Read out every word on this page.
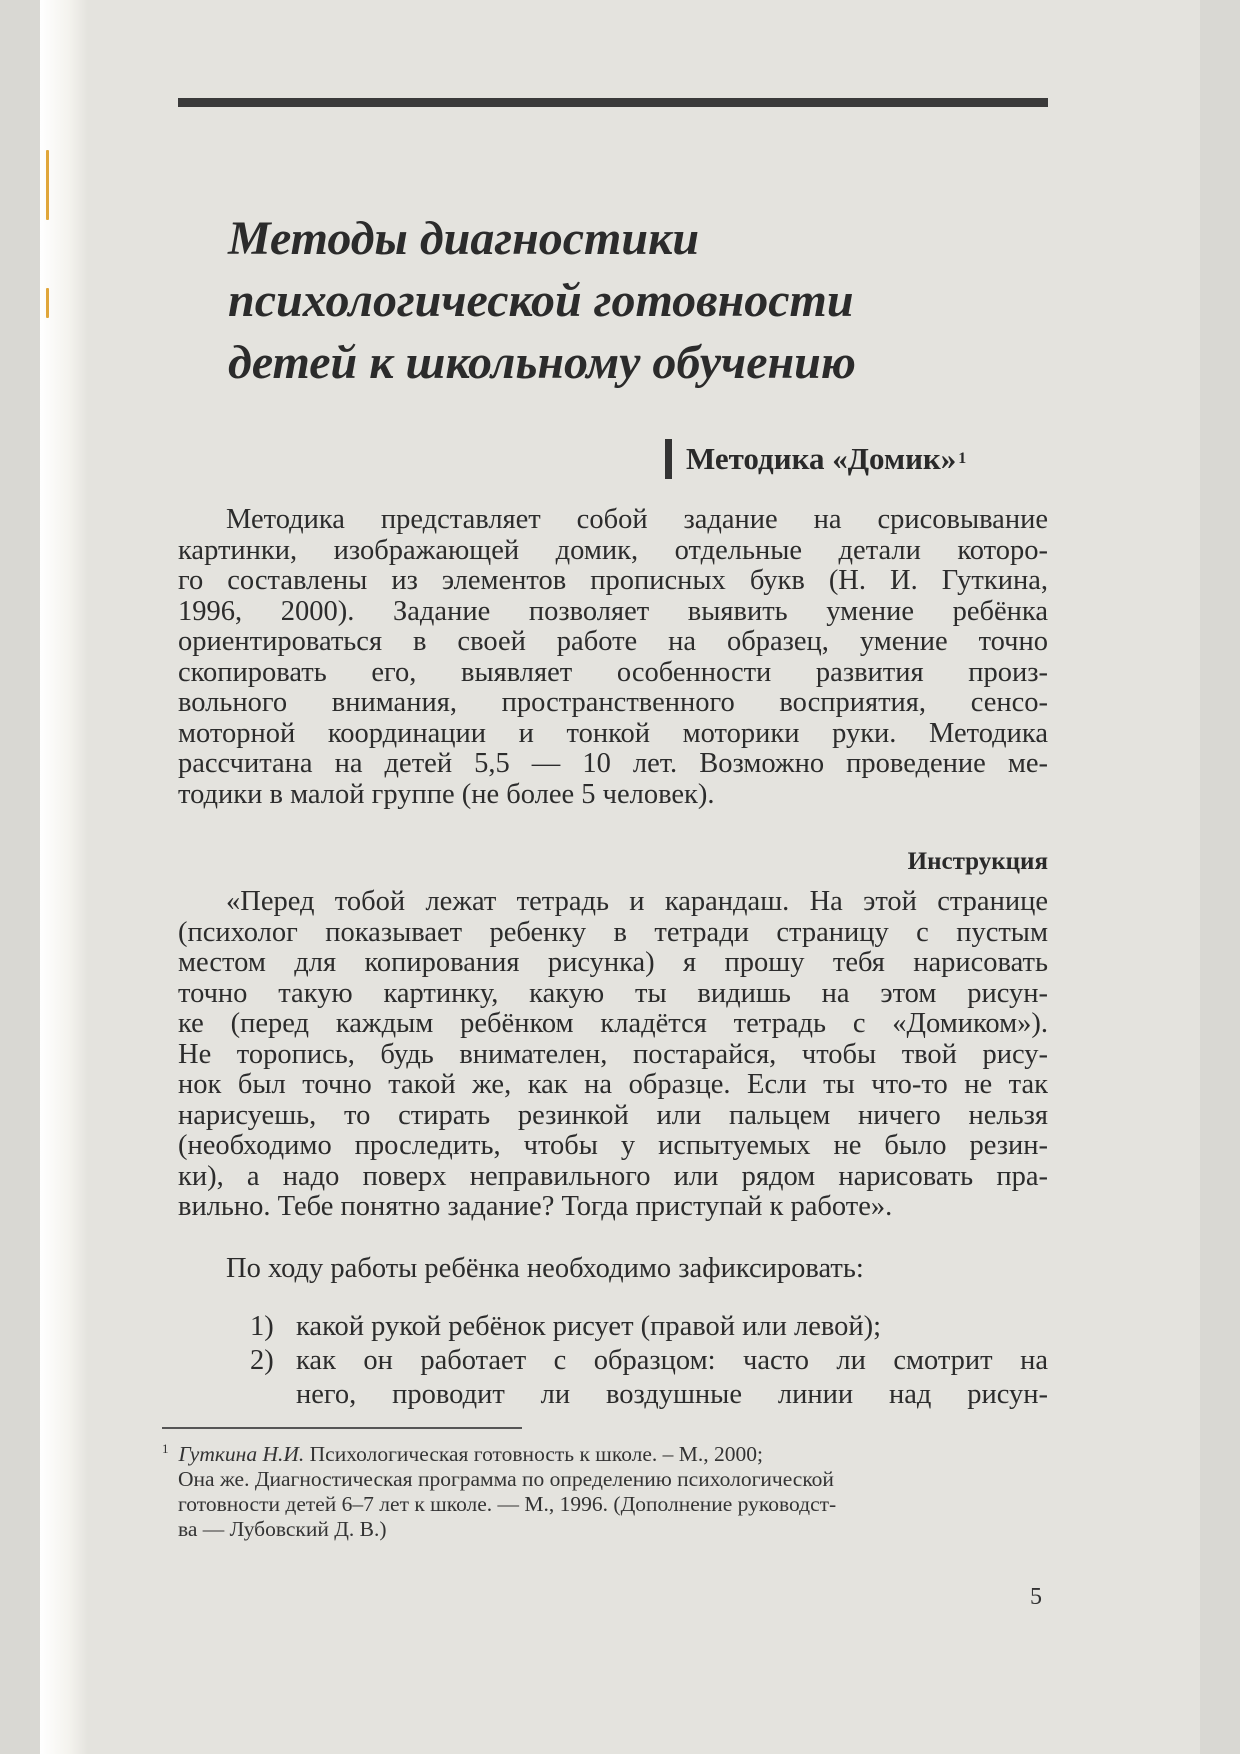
Методы диагностики
психологической готовности
детей к школьному обучению
Методика «Домик» 1
Методика представляет собой задание на срисовывание
картинки, изображающей домик, отдельные детали которо-
го составлены из элементов прописных букв (Н. И. Гуткина,
1996, 2000). Задание позволяет выявить умение ребёнка
ориентироваться в своей работе на образец, умение точно
скопировать его, выявляет особенности развития произ-
вольного внимания, пространственного восприятия, сенсо-
моторной координации и тонкой моторики руки. Методика
рассчитана на детей 5,5 — 10 лет. Возможно проведение ме-
тодики в малой группе (не более 5 человек).
Инструкция
«Перед тобой лежат тетрадь и карандаш. На этой странице
(психолог показывает ребенку в тетради страницу с пустым
местом для копирования рисунка) я прошу тебя нарисовать
точно такую картинку, какую ты видишь на этом рисун-
ке (перед каждым ребёнком кладётся тетрадь с «Домиком»).
Не торопись, будь внимателен, постарайся, чтобы твой рису-
нок был точно такой же, как на образце. Если ты что-то не так
нарисуешь, то стирать резинкой или пальцем ничего нельзя
(необходимо проследить, чтобы у испытуемых не было резин-
ки), а надо поверх неправильного или рядом нарисовать пра-
вильно. Тебе понятно задание? Тогда приступай к работе».
По ходу работы ребёнка необходимо зафиксировать:
1) какой рукой ребёнок рисует (правой или левой);
2) как он работает с образцом: часто ли смотрит на
него, проводит ли воздушные линии над рисун-
$^1$ Гуткина Н.И. Психологическая готовность к школе. – М., 2000;
Она же. Диагностическая программа по определению психологической
готовности детей 6–7 лет к школе. — М., 1996. (Дополнение руководст-
ва — Лубовский Д. В.)
5
